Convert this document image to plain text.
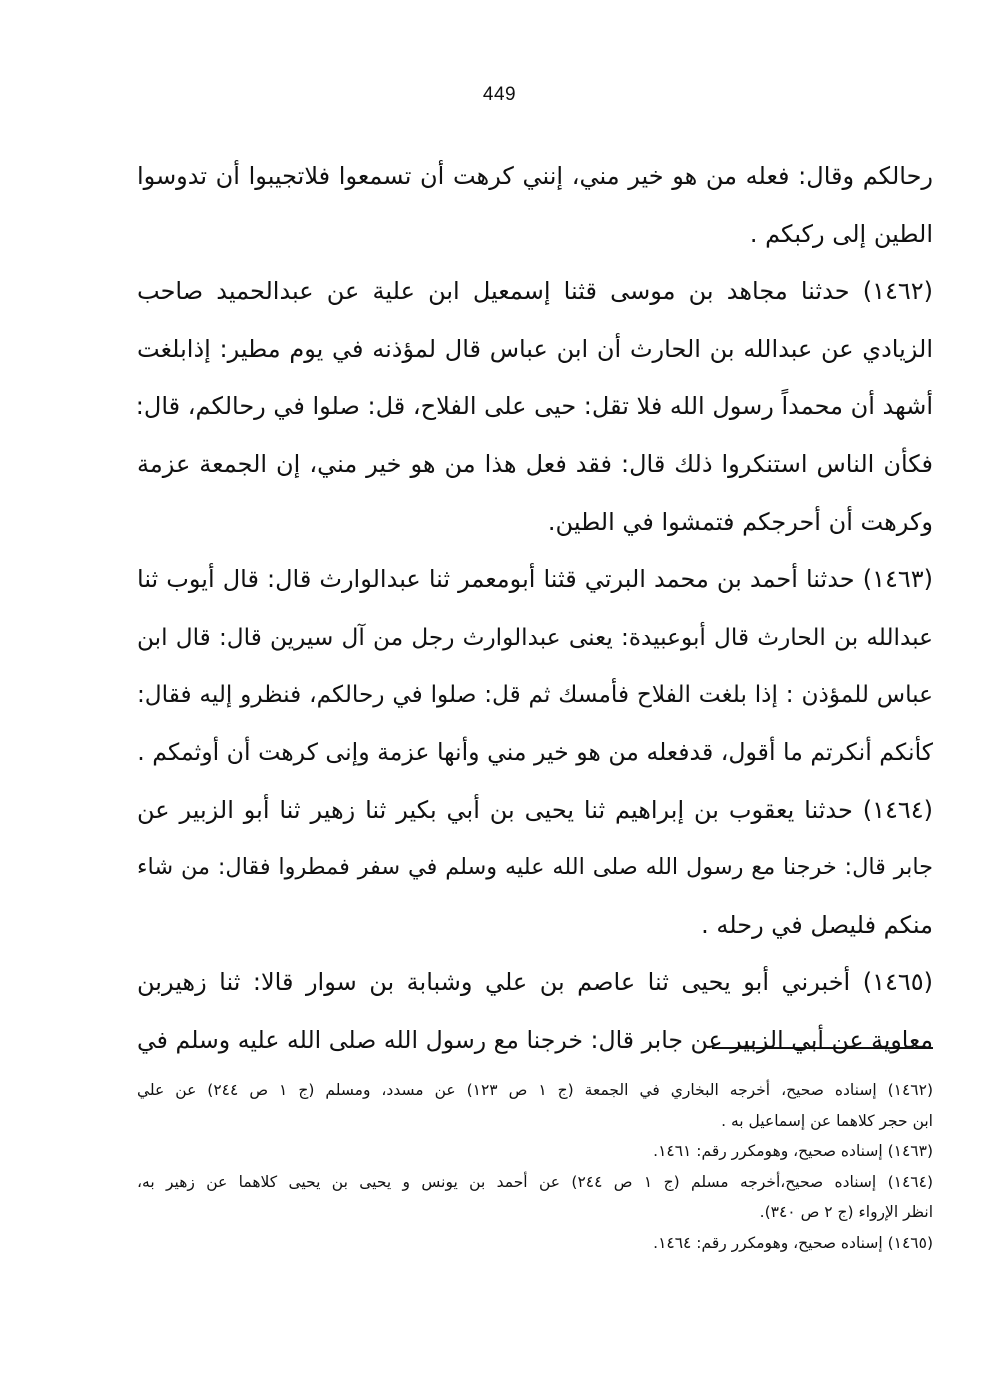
449
رحالكم وقال: فعله من هو خير مني، إنني كرهت أن تسمعوا فلاتجيبوا أن تدوسوا
الطين إلى ركبكم .
(١٤٦٢) حدثنا مجاهد بن موسى قثنا إسمعيل ابن علية عن عبدالحميد صاحب
الزيادي عن عبدالله بن الحارث أن ابن عباس قال لمؤذنه في يوم مطير: إذابلغت
أشهد أن محمداً رسول الله فلا تقل: حيى على الفلاح، قل: صلوا في رحالكم، قال:
فكأن الناس استنكروا ذلك قال: فقد فعل هذا من هو خير مني، إن الجمعة عزمة
وكرهت أن أحرجكم فتمشوا في الطين.
(١٤٦٣) حدثنا أحمد بن محمد البرتي قثنا أبومعمر ثنا عبدالوارث قال: قال أيوب ثنا
عبدالله بن الحارث قال أبوعبيدة: يعنى عبدالوارث رجل من آل سيرين قال: قال ابن
عباس للمؤذن : إذا بلغت الفلاح فأمسك ثم قل: صلوا في رحالكم، فنظرو إليه فقال:
كأنكم أنكرتم ما أقول، قدفعله من هو خير مني وأنها عزمة وإنى كرهت أن أوثمكم .
(١٤٦٤) حدثنا يعقوب بن إبراهيم ثنا يحيى بن أبي بكير ثنا زهير ثنا أبو الزبير عن
جابر قال: خرجنا مع رسول الله صلى الله عليه وسلم في سفر فمطروا فقال: من شاء
منكم فليصل في رحله .
(١٤٦٥) أخبرني أبو يحيى ثنا عاصم بن علي وشبابة بن سوار قالا: ثنا زهيربن
معاوية عن أبي الزبير عن جابر قال: خرجنا مع رسول الله صلى الله عليه وسلم في
(١٤٦٢) إسناده صحيح، أخرجه البخاري في الجمعة (ج ١ ص ١٢٣) عن مسدد، ومسلم (ج ١ ص ٢٤٤) عن علي
ابن حجر كلاهما عن إسماعيل به .
(١٤٦٣) إسناده صحيح، وهومكرر رقم: ١٤٦١.
(١٤٦٤) إسناده صحيح،أخرجه مسلم (ج ١ ص ٢٤٤) عن أحمد بن يونس و يحيى بن يحيى كلاهما عن زهير به،
انظر الإرواء (ج ٢ ص ٣٤٠).
(١٤٦٥) إسناده صحيح، وهومكرر رقم: ١٤٦٤.
